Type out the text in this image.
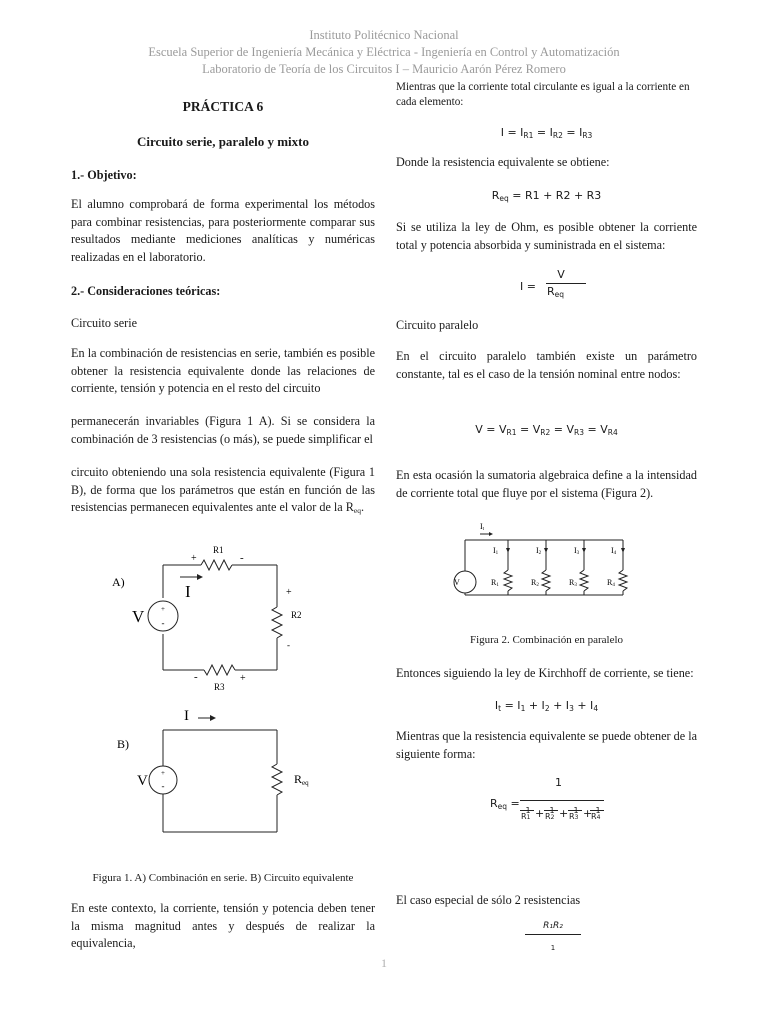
Instituto Politécnico Nacional
Escuela Superior de Ingeniería Mecánica y Eléctrica - Ingeniería en Control y Automatización
Laboratorio de Teoría de los Circuitos I – Mauricio Aarón Pérez Romero
PRÁCTICA 6
Circuito serie, paralelo y mixto
1.- Objetivo:
El alumno comprobará de forma experimental los métodos para combinar resistencias, para posteriormente comparar sus resultados mediante mediciones analíticas y numéricas realizadas en el laboratorio.
2.- Consideraciones teóricas:
Circuito serie
En la combinación de resistencias en serie, también es posible obtener la resistencia equivalente donde las relaciones de corriente, tensión y potencia en el resto del circuito
permanecerán invariables (Figura 1 A). Si se considera la combinación de 3 resistencias (o más), se puede simplificar el
circuito obteniendo una sola resistencia equivalente (Figura 1 B), de forma que los parámetros que están en función de las resistencias permanecen equivalentes ante el valor de la $R_{eq}$.
+
-
A)
V
I
R1
+	-
R2
+
-
R3
-	+
+
-
B)
I
V	Req
Figura 1. A) Combinación en serie. B) Circuito equivalente
En este contexto, la corriente, tensión y potencia deben tener la misma magnitud antes y después de realizar la equivalencia,
Mientras que la corriente total circulante es igual a la corriente en cada elemento:
$I = I_{R1} = I_{R2} = I_{R3}$
Donde la resistencia equivalente se obtiene:
$R_{eq} = R1 + R2 + R3$
Si se utiliza la ley de Ohm, es posible obtener la corriente total y potencia absorbida y suministrada en el sistema:
I =
V
$R_{eq}$
Circuito paralelo
En el circuito paralelo también existe un parámetro constante, tal es el caso de la tensión nominal entre nodos:
$V = V_{R1} = V_{R2} = V_{R3} = V_{R4}$
En esta ocasión la sumatoria algebraica define a la intensidad de corriente total que fluye por el sistema (Figura 2).
It
V
I1	I2	I3	I4
R1	R2	R3	R4
Figura 2. Combinación en paralelo
Entonces siguiendo la ley de Kirchhoff de corriente, se tiene:
$I_t = I_1 + I_2 + I_3 + I_4$
Mientras que la resistencia equivalente se puede obtener de la siguiente forma:
1
$R_{eq}$ =
1
R1 + 1
R2 + 1
R3 + 1
R4
El caso especial de sólo 2 resistencias
R₁R₂
1
1
